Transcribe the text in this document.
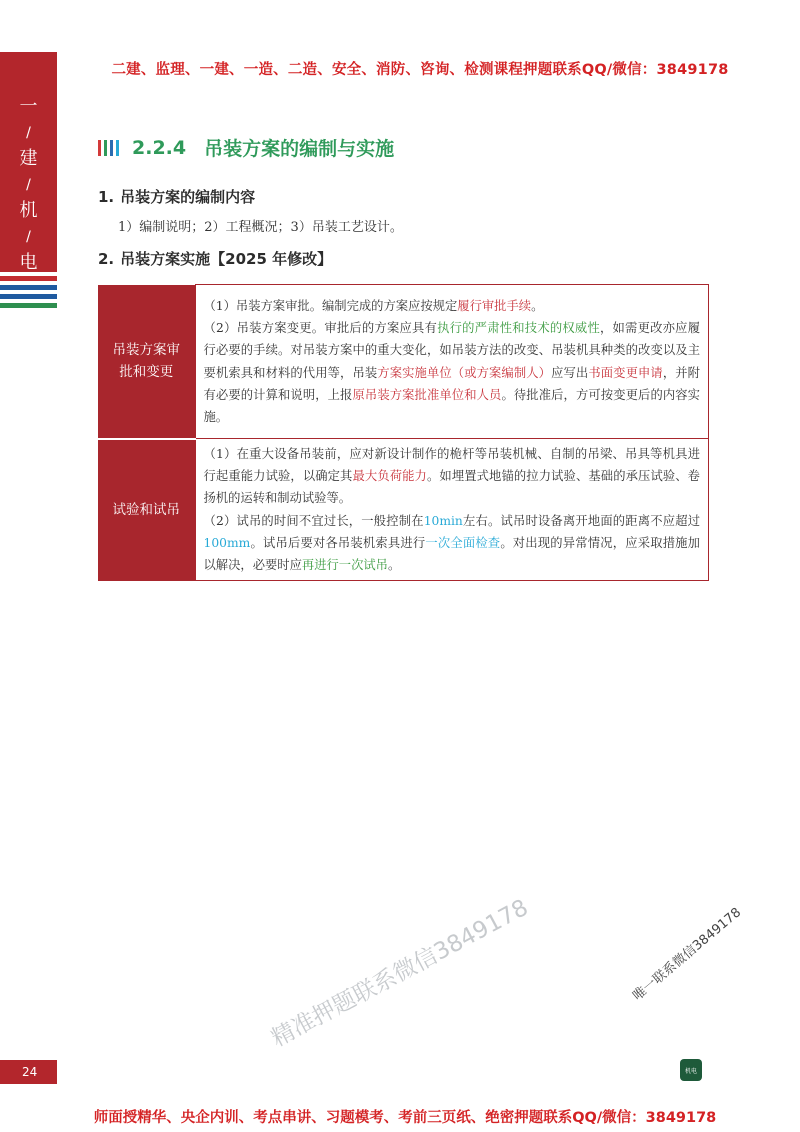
一
/
建
/
机
/
电
二建、监理、一建、一造、二造、安全、消防、咨询、检测课程押题联系QQ/微信：3849178
2.2.4 吊装方案的编制与实施
1. 吊装方案的编制内容
1）编制说明；2）工程概况；3）吊装工艺设计。
2. 吊装方案实施【2025 年修改】
吊装方案审批和变更	（1）吊装方案审批。编制完成的方案应按规定履行审批手续。

（2）吊装方案变更。审批后的方案应具有执行的严肃性和技术的权威性，如需更改亦应履行必要的手续。对吊装方案中的重大变化，如吊装方法的改变、吊装机具种类的改变以及主要机索具和材料的代用等，吊装方案实施单位（或方案编制人）应写出书面变更申请，并附有必要的计算和说明，上报原吊装方案批准单位和人员。待批准后，方可按变更后的内容实施。

试验和试吊	（1）在重大设备吊装前，应对新设计制作的桅杆等吊装机械、自制的吊梁、吊具等机具进行起重能力试验，以确定其最大负荷能力。如埋置式地锚的拉力试验、基础的承压试验、卷扬机的运转和制动试验等。

（2）试吊的时间不宜过长，一般控制在10min左右。试吊时设备离开地面的距离不应超过100mm。试吊后要对各吊装机索具进行一次全面检查。对出现的异常情况，应采取措施加以解决，必要时应再进行一次试吊。

唯一联系微信3849178
精准押题联系微信3849178
24	机电
师面授精华、央企内训、考点串讲、习题模考、考前三页纸、绝密押题联系QQ/微信：3849178
